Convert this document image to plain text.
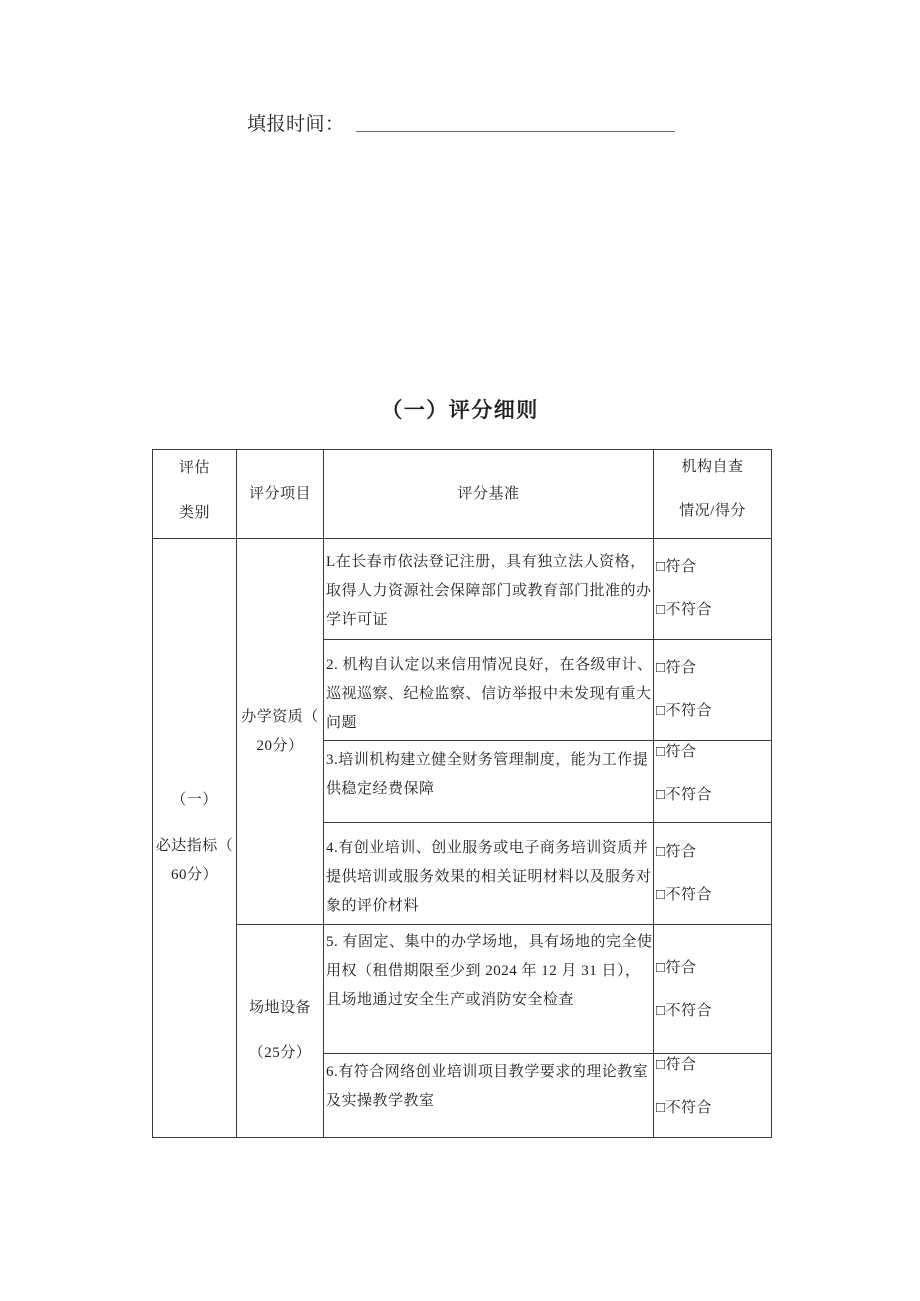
填报时间：
（一）评分细则
评估
类别
评分项目	评分基准
机构自查
情况/得分
（一）
必达指标（
60分）
办学资质（
20分）
场地设备
（25分）
L在长春市依法登记注册，具有独立法人资格，
取得人力资源社会保障部门或教育部门批准的办
学许可证
□符合
□不符合
2. 机构自认定以来信用情况良好，在各级审计、
巡视巡察、纪检监察、信访举报中未发现有重大
问题
□符合
□不符合
3.培训机构建立健全财务管理制度，能为工作提
供稳定经费保障
□符合
□不符合
4.有创业培训、创业服务或电子商务培训资质并
提供培训或服务效果的相关证明材料以及服务对
象的评价材料
□符合
□不符合
5. 有固定、集中的办学场地，具有场地的完全使
用权（租借期限至少到 2024 年 12 月 31 日），
且场地通过安全生产或消防安全检查
□符合
□不符合
6.有符合网络创业培训项目教学要求的理论教室
及实操教学教室
□符合
□不符合
